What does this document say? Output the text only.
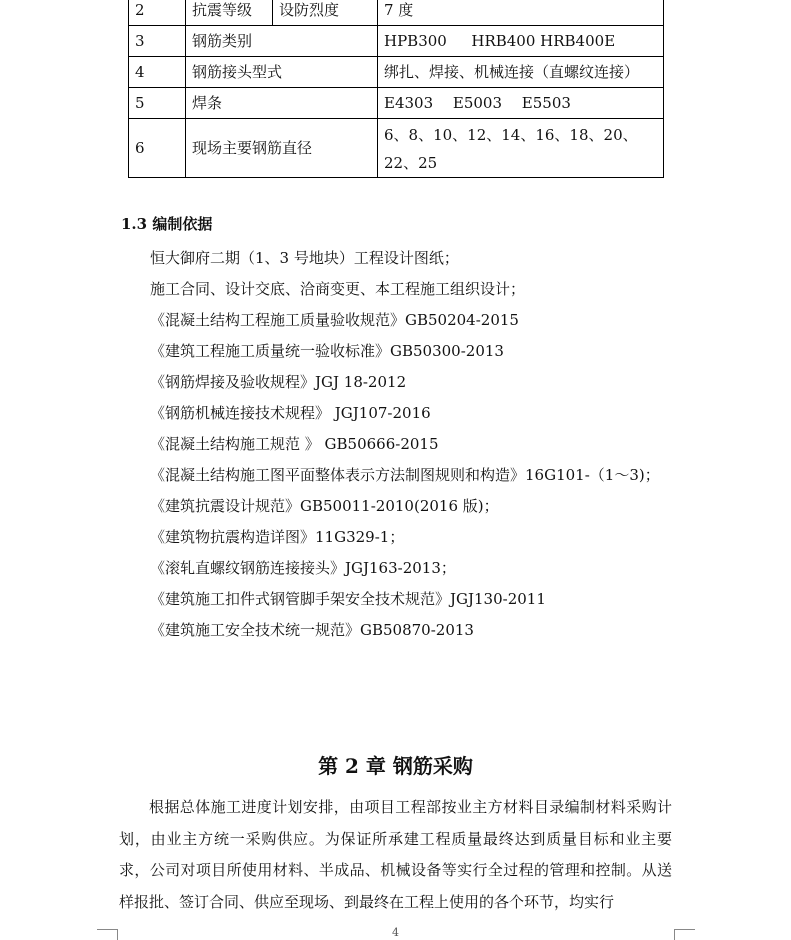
2	抗震等级	设防烈度	7 度
3	钢筋类别		HPB300 　 HRB400 HRB400E
4	钢筋接头型式		绑扎、焊接、机械连接（直螺纹连接）
5	焊条		E4303 　E5003 　E5503
6	现场主要钢筋直径		6、8、10、12、14、16、18、20、22、25
1.3 编制依据
恒大御府二期（1、3 号地块）工程设计图纸；
施工合同、设计交底、洽商变更、本工程施工组织设计；
《混凝土结构工程施工质量验收规范》GB50204-2015
《建筑工程施工质量统一验收标准》GB50300-2013
《钢筋焊接及验收规程》JGJ 18-2012
《钢筋机械连接技术规程》 JGJ107-2016
《混凝土结构施工规范 》 GB50666-2015
《混凝土结构施工图平面整体表示方法制图规则和构造》16G101-（1～3)；
《建筑抗震设计规范》GB50011-2010(2016 版)；
《建筑物抗震构造详图》11G329-1；
《滚轧直螺纹钢筋连接接头》JGJ163-2013；
《建筑施工扣件式钢管脚手架安全技术规范》JGJ130-2011
《建筑施工安全技术统一规范》GB50870-2013
第 2 章 钢筋采购

根据总体施工进度计划安排，由项目工程部按业主方材料目录编制材料采购计划，由业主方统一采购供应。为保证所承建工程质量最终达到质量目标和业主要求，公司对项目所使用材料、半成品、机械设备等实行全过程的管理和控制。从送样报批、签订合同、供应至现场、到最终在工程上使用的各个环节，均实行

4
